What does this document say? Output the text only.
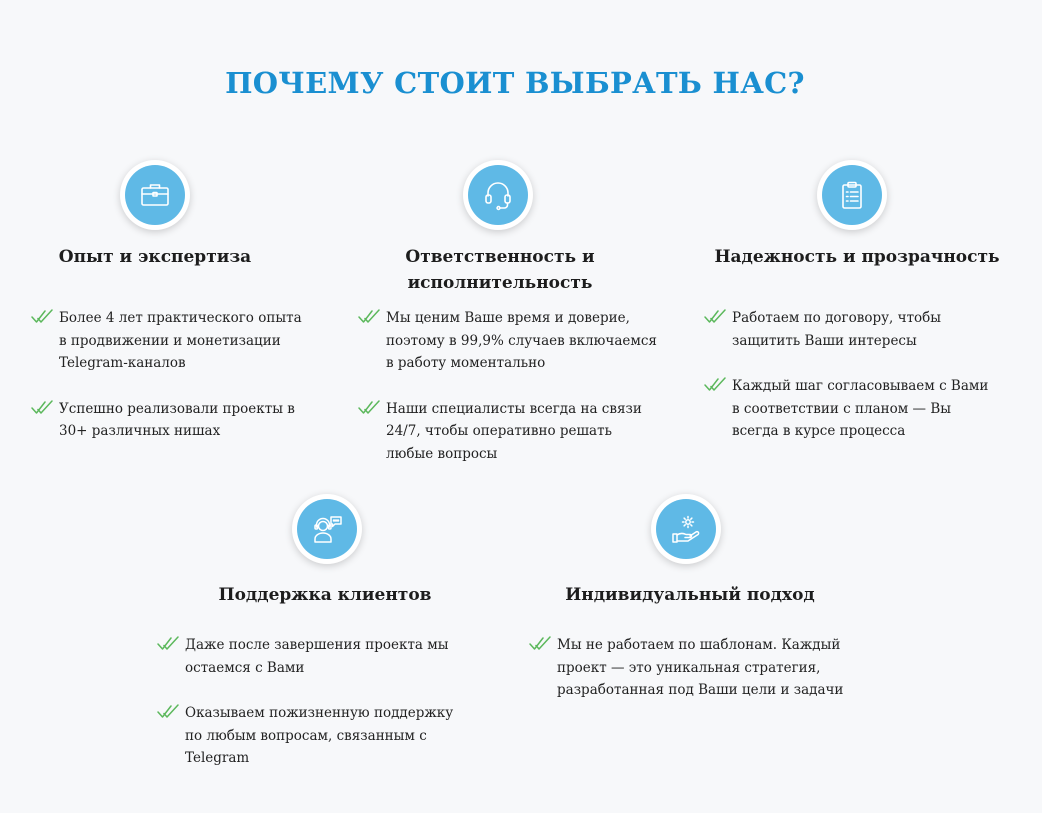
ПОЧЕМУ СТОИТ ВЫБРАТЬ НАС?
Опыт и экспертиза
Более 4 лет практического опыта
в продвижении и монетизации
Telegram-каналов
Успешно реализовали проекты в
30+ различных нишах
Ответственность и
исполнительность
Мы ценим Ваше время и доверие,
поэтому в 99,9% случаев включаемся
в работу моментально
Наши специалисты всегда на связи
24/7, чтобы оперативно решать
любые вопросы
Надежность и прозрачность
Работаем по договору, чтобы
защитить Ваши интересы
Каждый шаг согласовываем с Вами
в соответствии с планом — Вы
всегда в курсе процесса
Поддержка клиентов
Даже после завершения проекта мы
остаемся с Вами
Оказываем пожизненную поддержку
по любым вопросам, связанным с
Telegram
Индивидуальный подход
Мы не работаем по шаблонам. Каждый
проект — это уникальная стратегия,
разработанная под Ваши цели и задачи
